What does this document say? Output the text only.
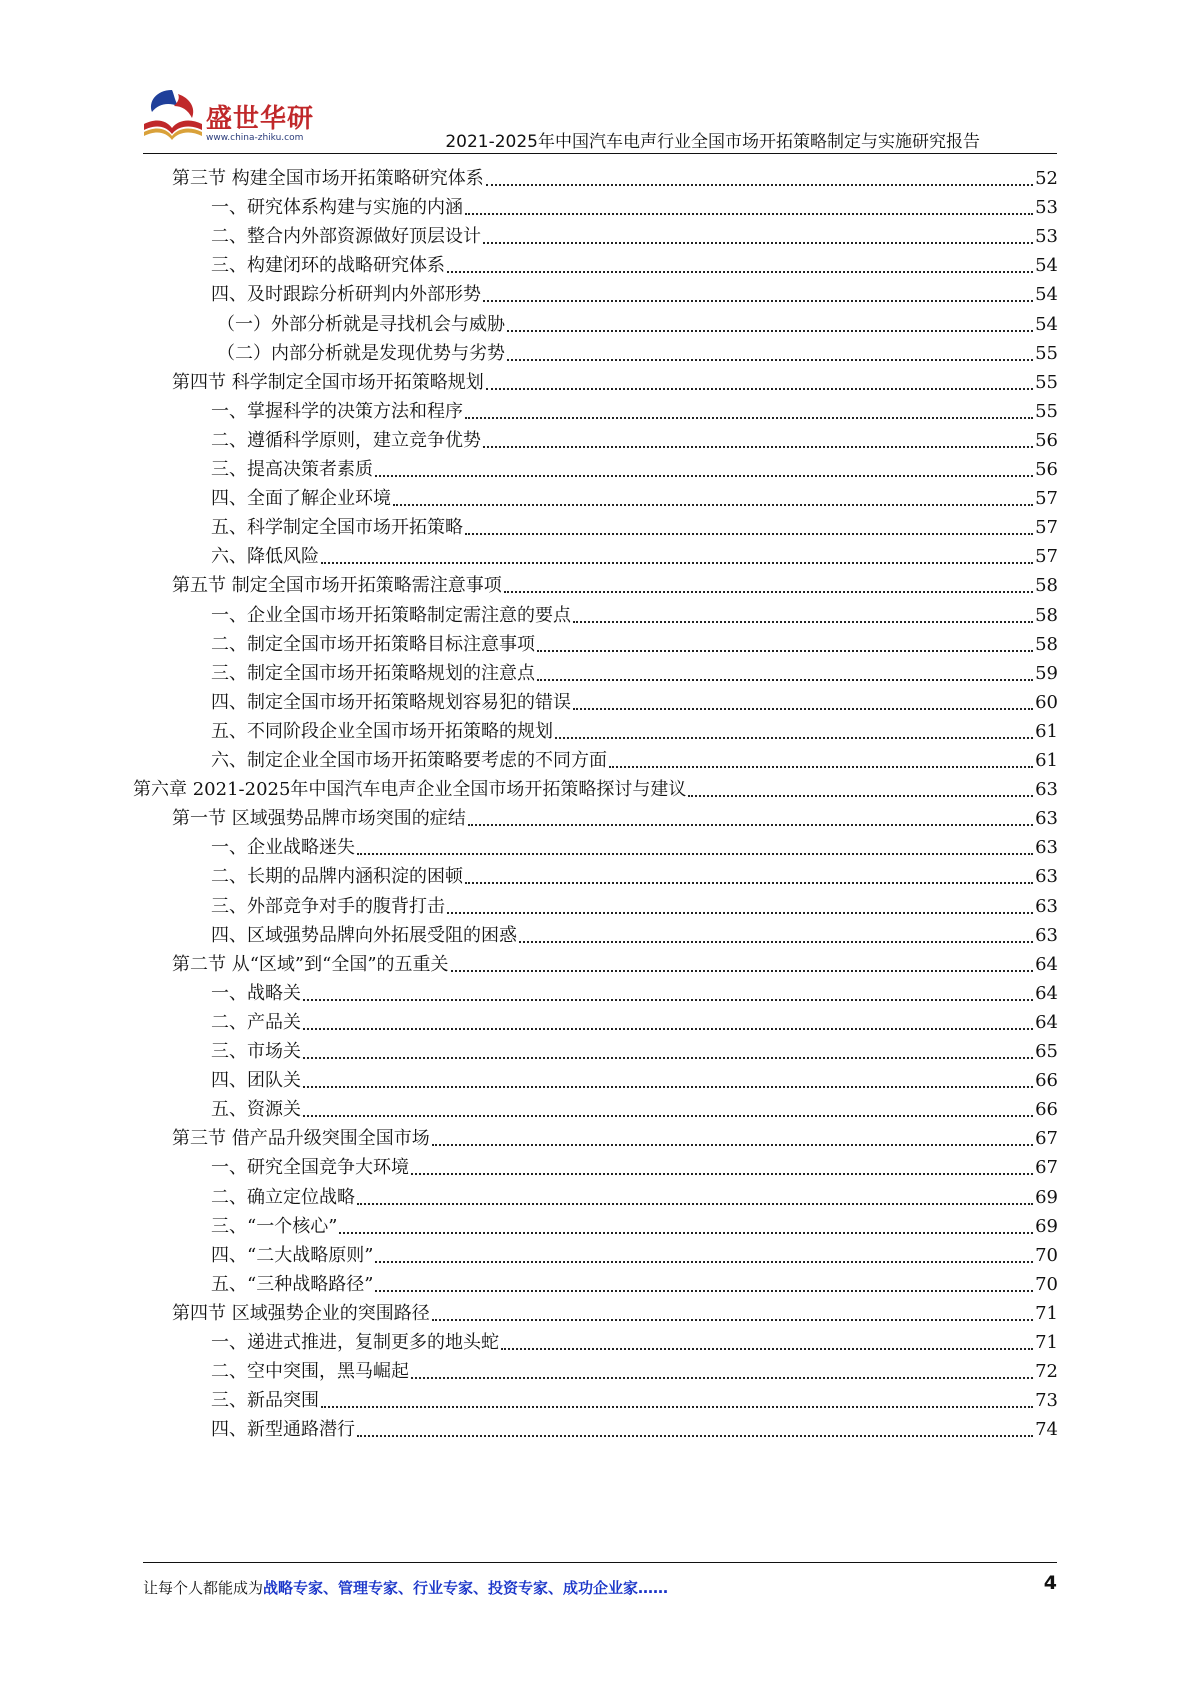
盛世华研
www.china-zhiku.com	2021-2025年中国汽车电声行业全国市场开拓策略制定与实施研究报告
第三节 构建全国市场开拓策略研究体系	52
一、研究体系构建与实施的内涵	53
二、整合内外部资源做好顶层设计	53
三、构建闭环的战略研究体系	54
四、及时跟踪分析研判内外部形势	54
（一）外部分析就是寻找机会与威胁	54
（二）内部分析就是发现优势与劣势	55
第四节 科学制定全国市场开拓策略规划	55
一、掌握科学的决策方法和程序	55
二、遵循科学原则，建立竞争优势	56
三、提高决策者素质	56
四、全面了解企业环境	57
五、科学制定全国市场开拓策略	57
六、降低风险	57
第五节 制定全国市场开拓策略需注意事项	58
一、企业全国市场开拓策略制定需注意的要点	58
二、制定全国市场开拓策略目标注意事项	58
三、制定全国市场开拓策略规划的注意点	59
四、制定全国市场开拓策略规划容易犯的错误	60
五、不同阶段企业全国市场开拓策略的规划	61
六、制定企业全国市场开拓策略要考虑的不同方面	61
第六章 2021-2025年中国汽车电声企业全国市场开拓策略探讨与建议	63
第一节 区域强势品牌市场突围的症结	63
一、企业战略迷失	63
二、长期的品牌内涵积淀的困顿	63
三、外部竞争对手的腹背打击	63
四、区域强势品牌向外拓展受阻的困惑	63
第二节 从“区域”到“全国”的五重关	64
一、战略关	64
二、产品关	64
三、市场关	65
四、团队关	66
五、资源关	66
第三节 借产品升级突围全国市场	67
一、研究全国竞争大环境	67
二、确立定位战略	69
三、“一个核心”	69
四、“二大战略原则”	70
五、“三种战略路径”	70
第四节 区域强势企业的突围路径	71
一、递进式推进，复制更多的地头蛇	71
二、空中突围，黑马崛起	72
三、新品突围	73
四、新型通路潜行	74
让每个人都能成为战略专家、管理专家、行业专家、投资专家、成功企业家……	4
